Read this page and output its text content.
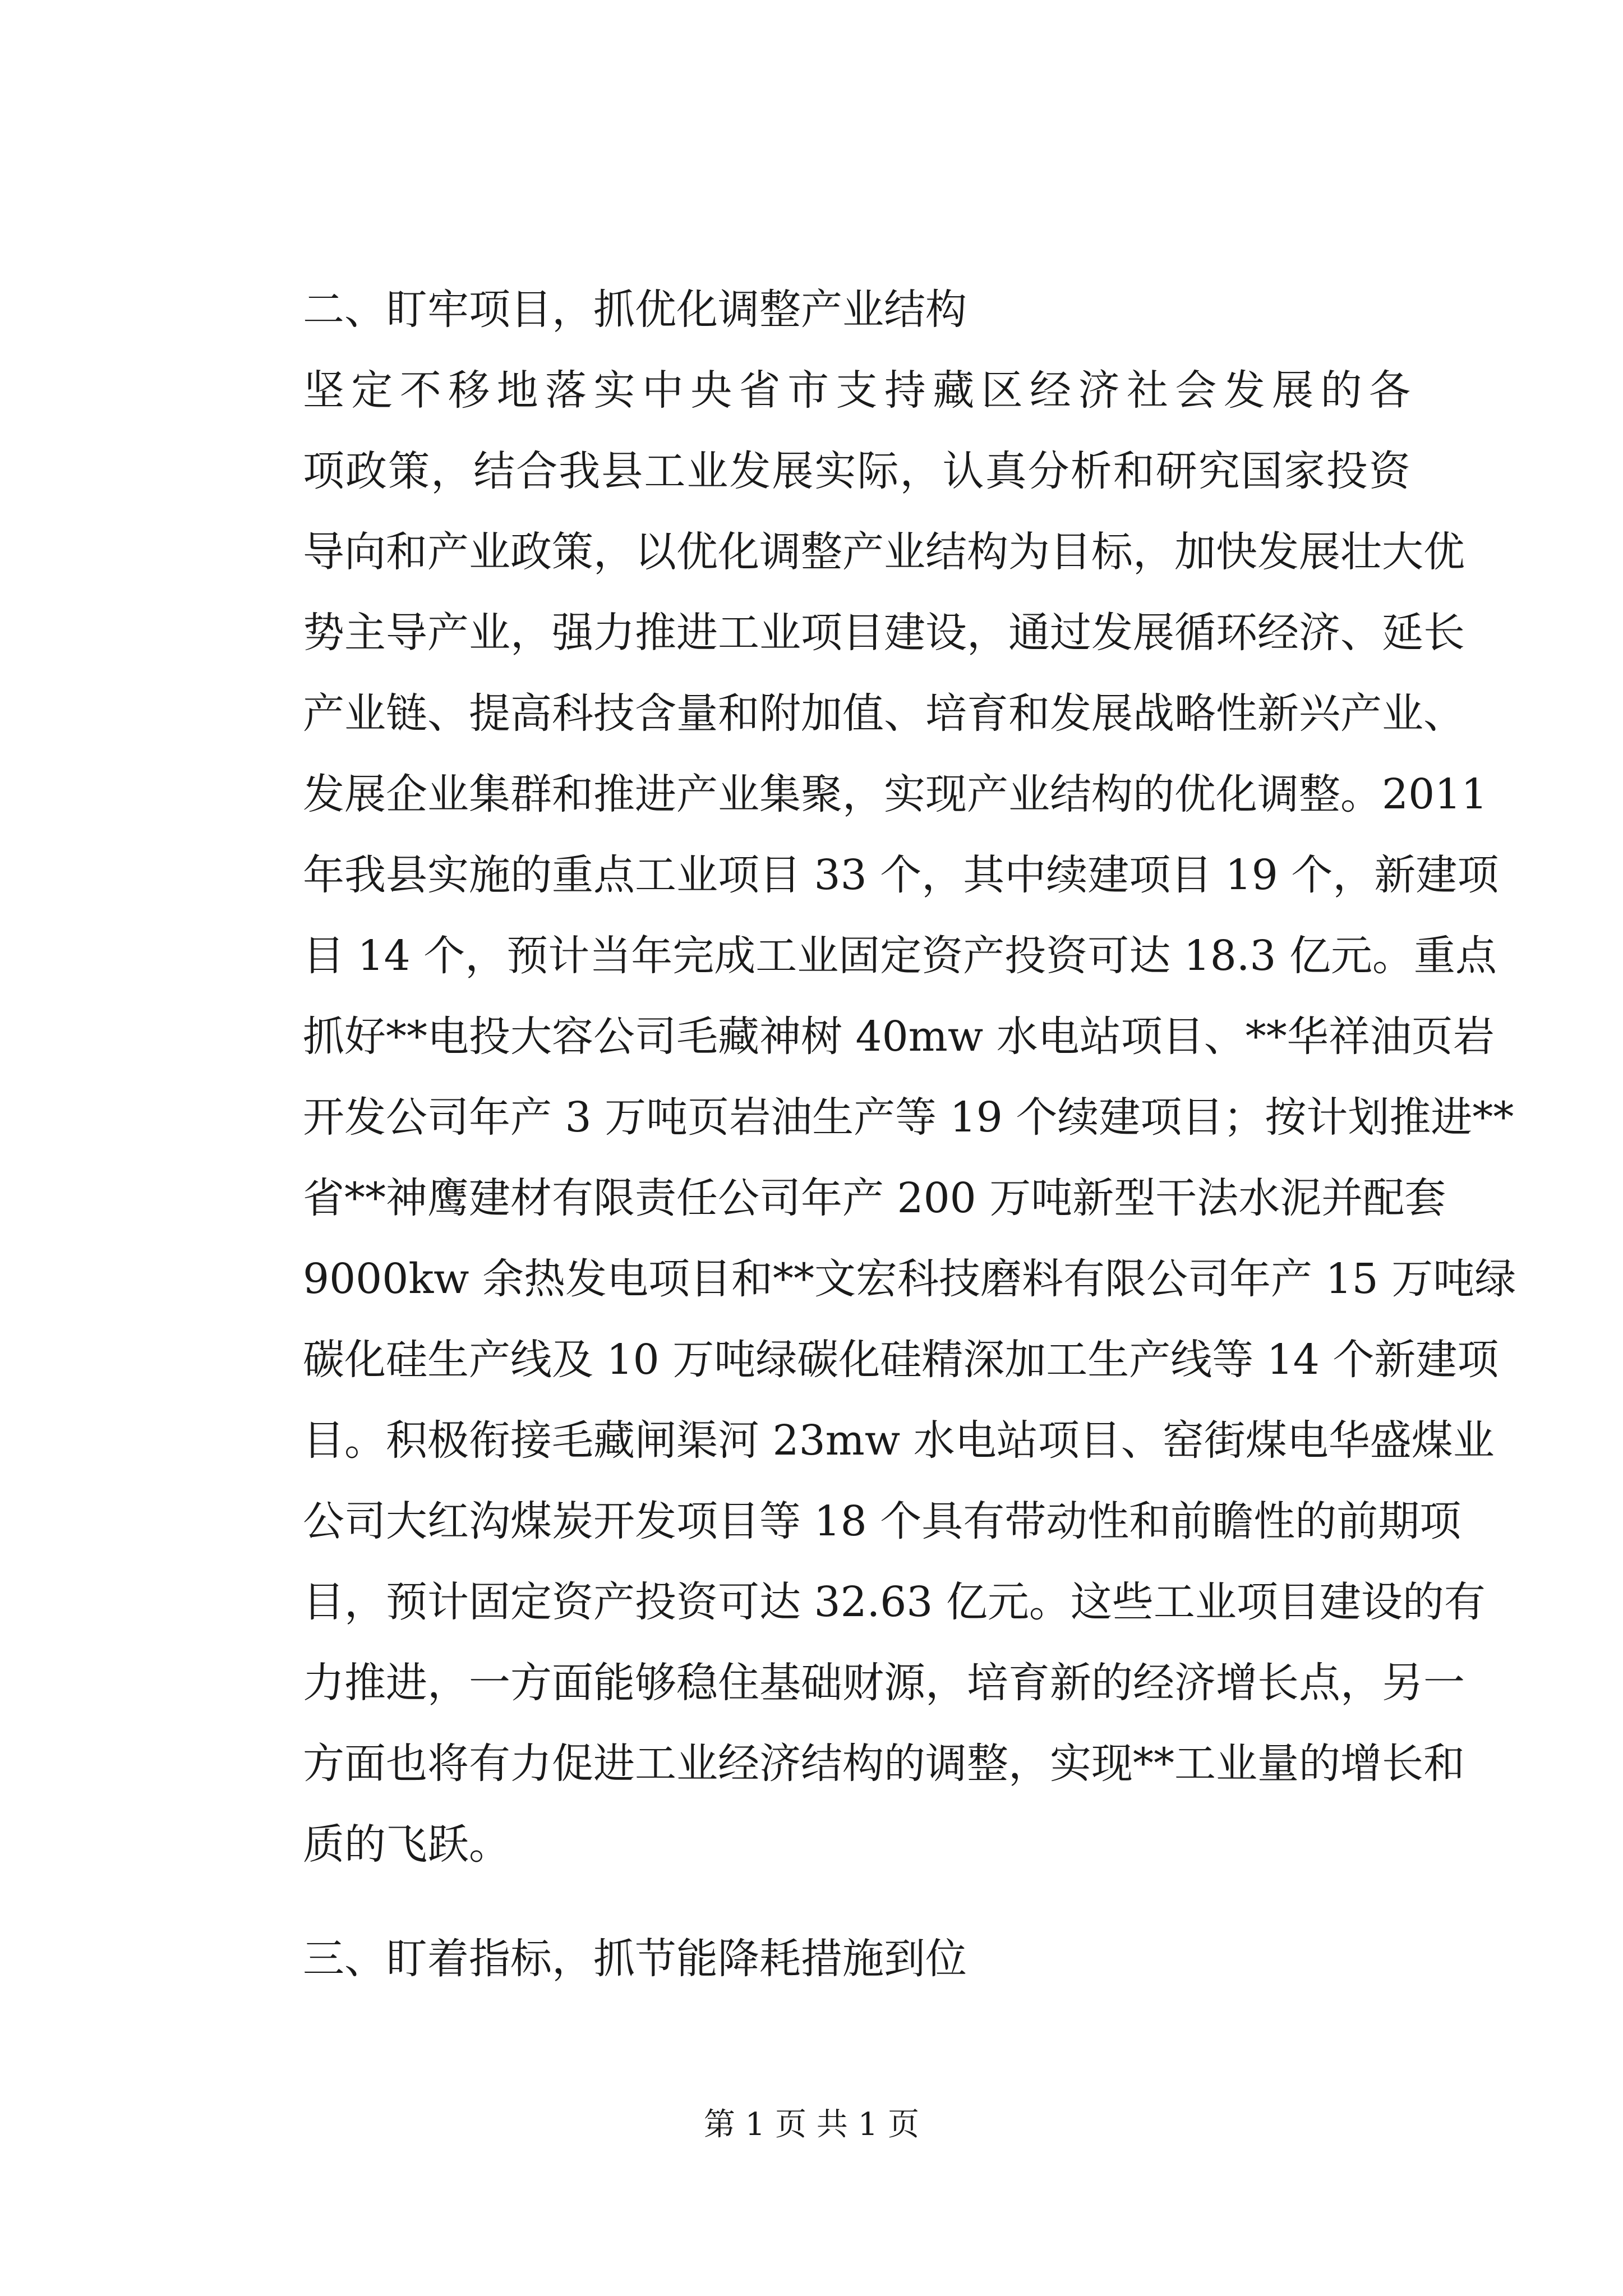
二、盯牢项目，抓优化调整产业结构
坚定不移地落实中央省市支持藏区经济社会发展的各
项政策，结合我县工业发展实际，认真分析和研究国家投资
导向和产业政策，以优化调整产业结构为目标，加快发展壮大优
势主导产业，强力推进工业项目建设，通过发展循环经济、延长
产业链、提高科技含量和附加值、培育和发展战略性新兴产业、
发展企业集群和推进产业集聚，实现产业结构的优化调整。2011
年我县实施的重点工业项目 33 个，其中续建项目 19 个，新建项
目 14 个，预计当年完成工业固定资产投资可达 18.3 亿元。重点
抓好**电投大容公司毛藏神树 40mw 水电站项目、**华祥油页岩
开发公司年产 3 万吨页岩油生产等 19 个续建项目；按计划推进**
省**神鹰建材有限责任公司年产 200 万吨新型干法水泥并配套
9000kw 余热发电项目和**文宏科技磨料有限公司年产 15 万吨绿
碳化硅生产线及 10 万吨绿碳化硅精深加工生产线等 14 个新建项
目。积极衔接毛藏闸渠河 23mw 水电站项目、窑街煤电华盛煤业
公司大红沟煤炭开发项目等 18 个具有带动性和前瞻性的前期项
目，预计固定资产投资可达 32.63 亿元。这些工业项目建设的有
力推进，一方面能够稳住基础财源，培育新的经济增长点，另一
方面也将有力促进工业经济结构的调整，实现**工业量的增长和
质的飞跃。
三、盯着指标，抓节能降耗措施到位
第 1 页 共 1 页
